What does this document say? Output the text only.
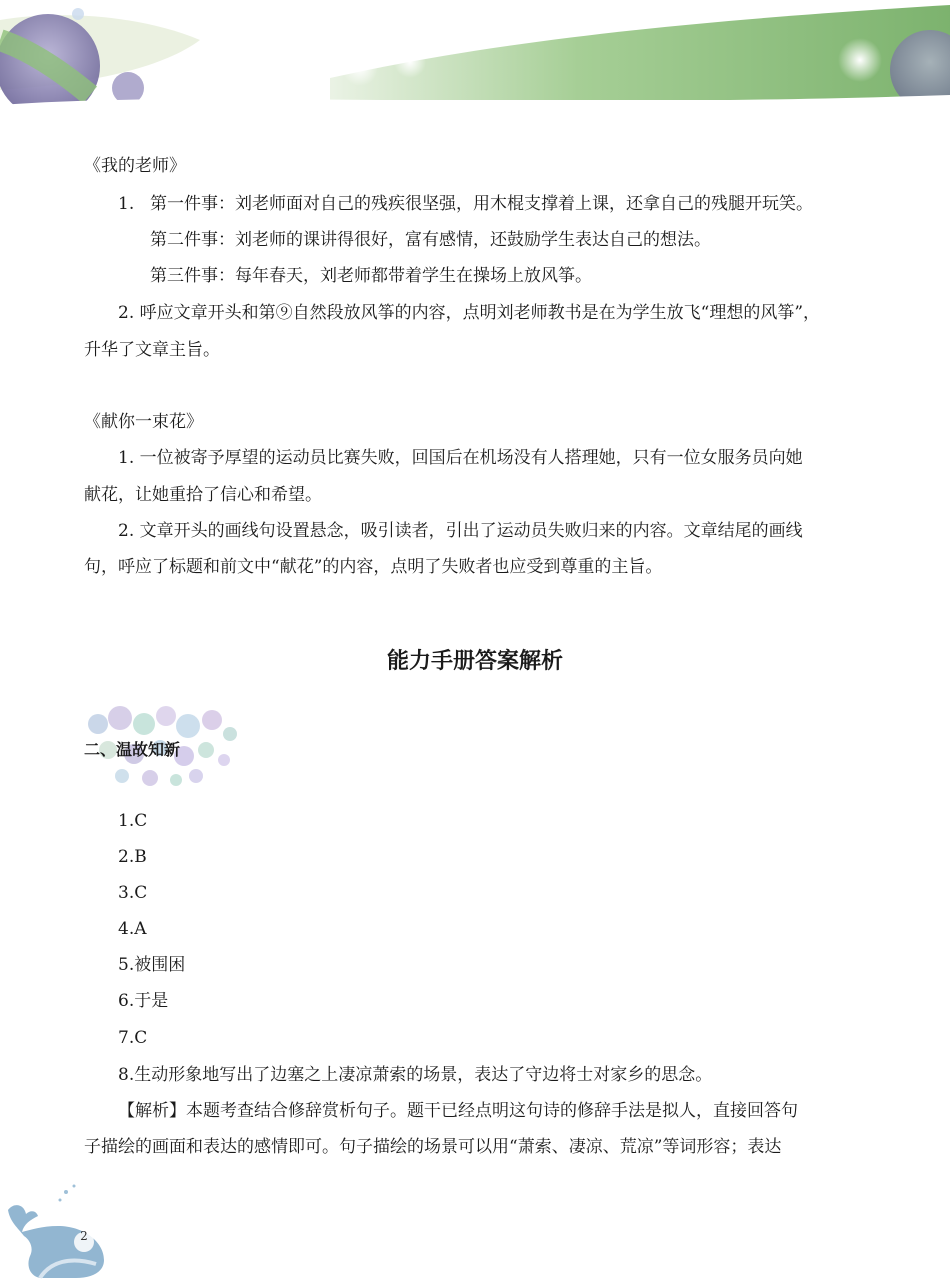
《我的老师》
1. 第一件事：刘老师面对自己的残疾很坚强，用木棍支撑着上课，还拿自己的残腿开玩笑。
第二件事：刘老师的课讲得很好，富有感情，还鼓励学生表达自己的想法。
第三件事：每年春天，刘老师都带着学生在操场上放风筝。
2. 呼应文章开头和第⑨自然段放风筝的内容，点明刘老师教书是在为学生放飞“理想的风筝”，
升华了文章主旨。
《献你一束花》
1. 一位被寄予厚望的运动员比赛失败，回国后在机场没有人搭理她，只有一位女服务员向她
献花，让她重拾了信心和希望。
2. 文章开头的画线句设置悬念，吸引读者，引出了运动员失败归来的内容。文章结尾的画线
句，呼应了标题和前文中“献花”的内容，点明了失败者也应受到尊重的主旨。
能力手册答案解析
二、温故知新
1.C
2.B
3.C
4.A
5.被围困
6.于是
7.C
8.生动形象地写出了边塞之上凄凉萧索的场景，表达了守边将士对家乡的思念。
【解析】本题考查结合修辞赏析句子。题干已经点明这句诗的修辞手法是拟人，直接回答句
子描绘的画面和表达的感情即可。句子描绘的场景可以用“萧索、凄凉、荒凉”等词形容；表达
2
